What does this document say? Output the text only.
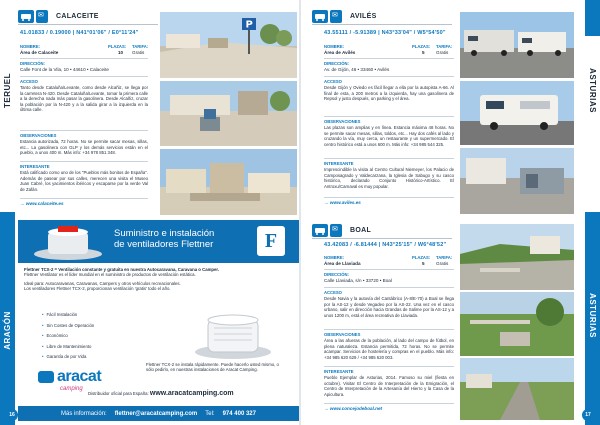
TERUEL
ARAGÓN
16
ASTURIAS
ASTURIAS
17
✉
CALACEITE
41.01833 / 0.19000 | N41°01'06" / E0°11'24"
NOMBRE:
Área de Calaceite
PLAZAS:
10
TARIFA:
Gratis
DIRECCIÓN:
Calle Font de la Vila, 10 • 44610 • Calaceite
ACCESO
Tanto desde Cataluña/Levante, como desde Alcañiz, se llega por la carretera N-420. Desde Cataluña/Levante, tomar la primera calle a la derecha nada más pasar la gasolinera. Desde Alcañiz, cruzar la población por la N-420 y a la salida girar a la izquierda en la última calle.
OBSERVACIONES
Estancia autorizada, 72 horas. No se permite sacar mesas, sillas, etc... La gasolinera con GLP y los demás servicios están en el pueblo, a unos 400 m. Más info: +34 978 851 348.
INTERESANTE
Está calificado como uno de los "Pueblos más bonitos de España". Además de pasear por sus calles, merecen una visita el Museo Juan Cabré, los yacimientos ibéricos y escaparse por la verde Val de Zafán.
→ www.calaceite.es
P
Suministro e instalación
de ventiladores Flettner	F
Flettner TCX-2 = Ventilación constante y gratuita en nuestra Autocaravana, Caravana o Camper.
Flettner Ventilator es el líder mundial en el suministro de productos de ventilación estática.
Ideal para: Autocaravanas, Caravanas, Campers y otros vehículos recreacionales.
Los ventiladores Flettner TCX-2, proporcionan ventilación 'gratis' todo el año.
• Fácil Instalación
• Sin Costes de Operación
• Económico
• Libre de Mantenimiento
• Garantía de por Vida
Flettner TCX-2 se instala rápidamente. Puede hacerlo usted mismo, o sólo pedirlo, en nuestras instalaciones de Aracat Camping.
aracat
camping
Distribuidor oficial para España: www.aracatcamping.com
Más información: flettner@aracatcamping.com Tel: 974 400 327
✉
AVILÉS
43.55111 / -5.91389 | N43°33'04" / W5°54'50"
NOMBRE:
Área de Avilés
PLAZAS:
5
TARIFA:
Gratis
DIRECCIÓN:
Av. de Gijón, 46 • 33460 • Avilés
ACCESO
Desde Gijón y Oviedo es fácil llegar a ella por la autopista A-66. Al final de esta, a 200 metros a la izquierda, hay una gasolinera de Repsol y justo después, un parking y el área.
OBSERVACIONES
Las plazas son amplias y en línea. Estancia máxima 48 horas. No se permite sacar mesas, sillas, toldos, etc... Hay dos cafés al lado y cruzando la vía, muy cerca, un restaurante y un supermercado. El centro histórico está a unos 600 m. Más info: +34 985 544 325.
INTERESANTE
Imprescindible la visita al Centro Cultural Niemeyer, los Palacio de Camposagrado y Valdecarzana, la Iglesia de Sabugo y su casco histórico, declarado Conjunto Histórico-Artístico. El Antroxu/Carnaval es muy popular.
→ www.aviles.es
✉
BOAL
43.42083 / -6.81444 | N43°25'15" / W6°48'52"
NOMBRE:
Área de Llaviada
PLAZAS:
5
TARIFA:
Gratis
DIRECCIÓN:
Calle Llaviada, s/n • 33720 • Boal
ACCESO
Desde Navia y la autovía del Cantábrico (A-8/E-70) a Boal se llega por la AS-12 y desde Vegadeo por la AS-22. Una vez en el casco urbano, salir en dirección hacia Grandas de Salime por la AS-12 y a unos 1200 m, está el área recreativa de Llaviada.
OBSERVACIONES
Área a las afueras de la población, al lado del campo de fútbol, en plena naturaleza. Estancia permitida, 72 horas. No se permite acampar. Servicios de hostelería y compras en el pueblo. Más info: +34 985 620 629 / +34 985 620 003.
INTERESANTE
Pueblo Ejemplar de Asturias, 2014. Famoso su miel (fiesta en octubre). Visitar El Centro de Interpretación de la Emigración, el Centro de Interpretación de la Artesanía del Hierro y la Casa de la Apicultura.
→ www.concejodeboal.net
